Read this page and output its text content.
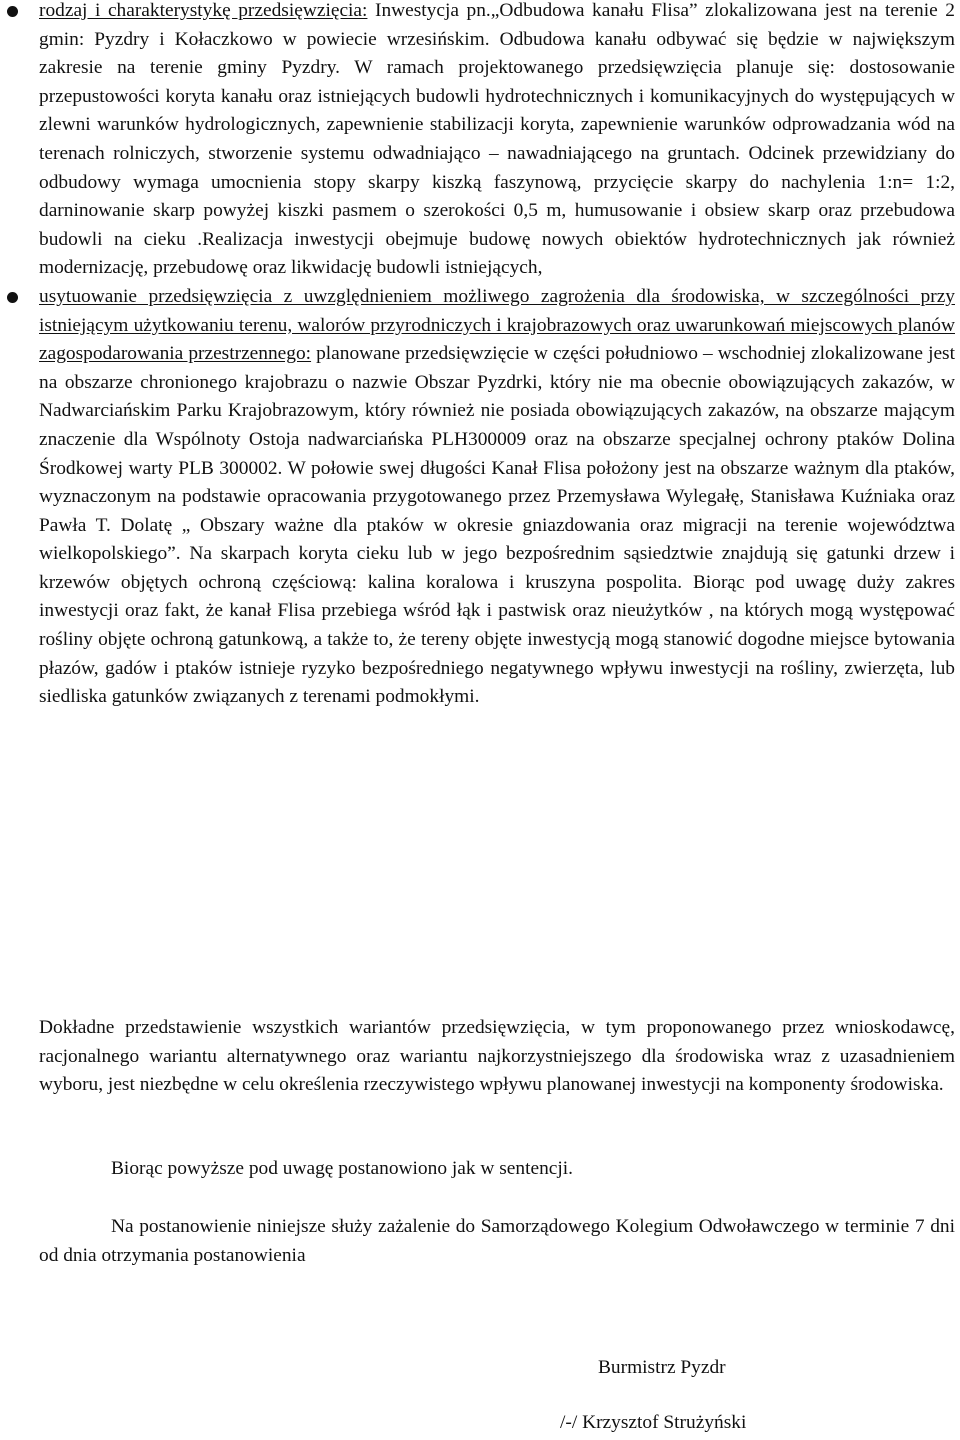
rodzaj i charakterystykę przedsięwzięcia: Inwestycja pn.„Odbudowa kanału Flisa” zlokalizowana jest na terenie 2 gmin: Pyzdry i Kołaczkowo w powiecie wrzesińskim. Odbudowa kanału odbywać się będzie w największym zakresie na terenie gminy Pyzdry. W ramach projektowanego przedsięwzięcia planuje się: dostosowanie przepustowości koryta kanału oraz istniejących budowli hydrotechnicznych i komunikacyjnych do występujących w zlewni warunków hydrologicznych, zapewnienie stabilizacji koryta, zapewnienie warunków odprowadzania wód na terenach rolniczych, stworzenie systemu odwadniająco – nawadniającego na gruntach. Odcinek przewidziany do odbudowy wymaga umocnienia stopy skarpy kiszką faszynową, przycięcie skarpy do nachylenia 1:n= 1:2, darninowanie skarp powyżej kiszki pasmem o szerokości 0,5 m, humusowanie i obsiew skarp oraz przebudowa budowli na cieku .Realizacja inwestycji obejmuje budowę nowych obiektów hydrotechnicznych jak również modernizację, przebudowę oraz likwidację budowli istniejących,
usytuowanie przedsięwzięcia z uwzględnieniem możliwego zagrożenia dla środowiska, w szczególności przy istniejącym użytkowaniu terenu, walorów przyrodniczych i krajobrazowych oraz uwarunkowań miejscowych planów zagospodarowania przestrzennego: planowane przedsięwzięcie w części południowo – wschodniej zlokalizowane jest na obszarze chronionego krajobrazu o nazwie Obszar Pyzdrki, który nie ma obecnie obowiązujących zakazów, w Nadwarciańskim Parku Krajobrazowym, który również nie posiada obowiązujących zakazów, na obszarze mającym znaczenie dla Wspólnoty Ostoja nadwarciańska PLH300009 oraz na obszarze specjalnej ochrony ptaków Dolina Środkowej warty PLB 300002. W połowie swej długości Kanał Flisa położony jest na obszarze ważnym dla ptaków, wyznaczonym na podstawie opracowania przygotowanego przez Przemysława Wylegałę, Stanisława Kuźniaka oraz Pawła T. Dolatę „ Obszary ważne dla ptaków w okresie gniazdowania oraz migracji na terenie województwa wielkopolskiego”. Na skarpach koryta cieku lub w jego bezpośrednim sąsiedztwie znajdują się gatunki drzew i krzewów objętych ochroną częściową: kalina koralowa i kruszyna pospolita. Biorąc pod uwagę duży zakres inwestycji oraz fakt, że kanał Flisa przebiega wśród łąk i pastwisk oraz nieużytków , na których mogą występować rośliny objęte ochroną gatunkową, a także to, że tereny objęte inwestycją mogą stanowić dogodne miejsce bytowania płazów, gadów i ptaków istnieje ryzyko bezpośredniego negatywnego wpływu inwestycji na rośliny, zwierzęta, lub siedliska gatunków związanych z terenami podmokłymi.

Dokładne przedstawienie wszystkich wariantów przedsięwzięcia, w tym proponowanego przez wnioskodawcę, racjonalnego wariantu alternatywnego oraz wariantu najkorzystniejszego dla środowiska wraz z uzasadnieniem wyboru, jest niezbędne w celu określenia rzeczywistego wpływu planowanej inwestycji na komponenty środowiska.

Biorąc powyższe pod uwagę postanowiono jak w sentencji.

Na postanowienie niniejsze służy zażalenie do Samorządowego Kolegium Odwoławczego w terminie 7 dni od dnia otrzymania postanowienia

Burmistrz Pyzdr

/-/ Krzysztof Strużyński
